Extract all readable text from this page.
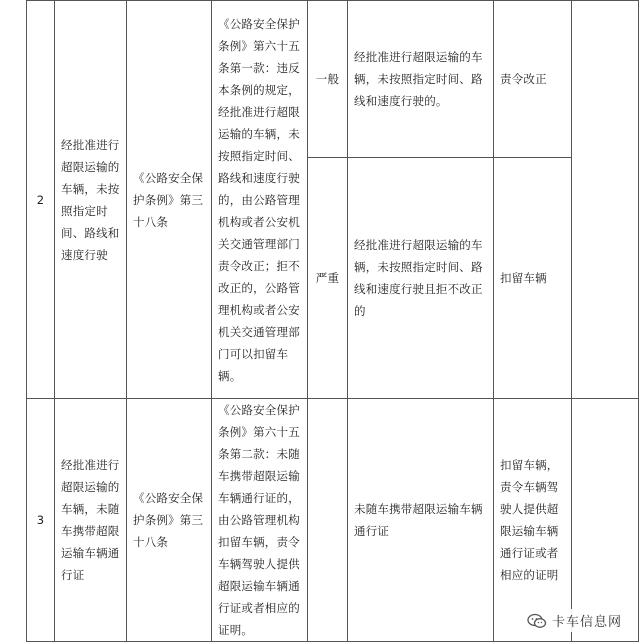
2	经批准进行超限运输的车辆，未按照指定时间、路线和速度行驶	《公路安全保护条例》第三十八条	《公路安全保护条例》第六十五条第一款：违反本条例的规定，经批准进行超限运输的车辆，未按照指定时间、路线和速度行驶的，由公路管理机构或者公安机关交通管理部门责令改正；拒不改正的，公路管理机构或者公安机关交通管理部门可以扣留车辆。	一般	经批准进行超限运输的车辆，未按照指定时间、路线和速度行驶的。	责令改正	

				严重	经批准进行超限运输的车辆，未按照指定时间、路线和速度行驶且拒不改正的	扣留车辆	

3	经批准进行超限运输的车辆，未随车携带超限运输车辆通行证	《公路安全保护条例》第三十八条	《公路安全保护条例》第六十五条第二款：未随车携带超限运输车辆通行证的，由公路管理机构扣留车辆，责令车辆驾驶人提供超限运输车辆通行证或者相应的证明。		未随车携带超限运输车辆通行证	扣留车辆，责令车辆驾驶人提供超限运输车辆通行证或者相应的证明	

卡车信息网
